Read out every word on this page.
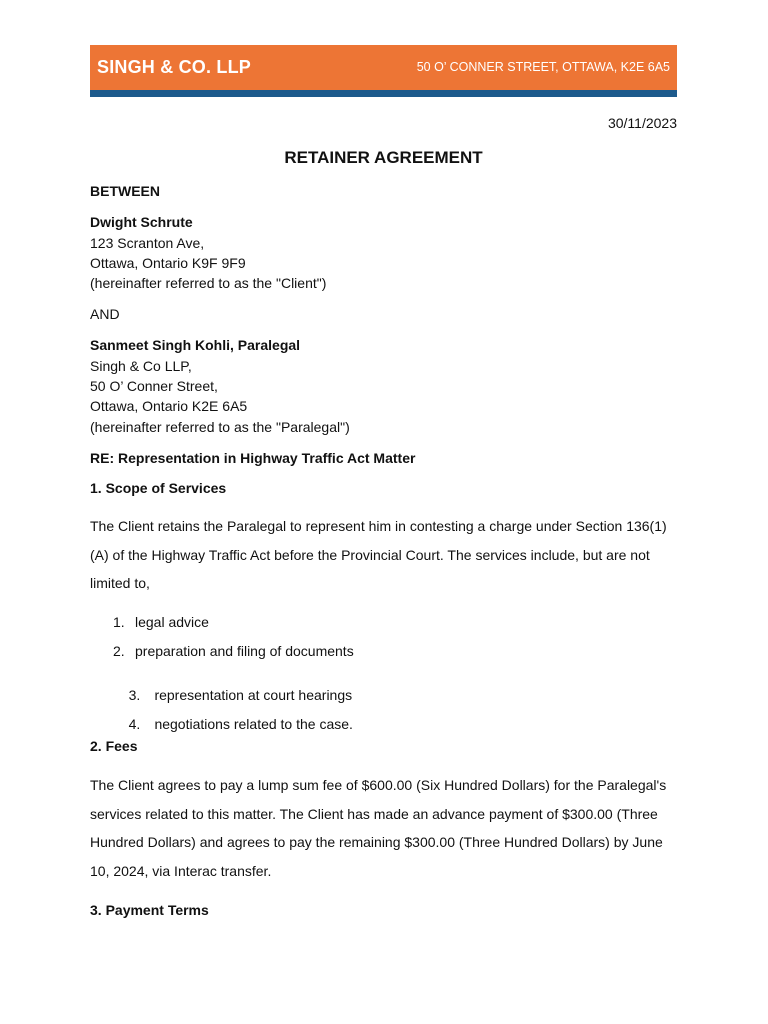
SINGH & CO. LLP	50 O’ CONNER STREET, OTTAWA, K2E 6A5
30/11/2023
RETAINER AGREEMENT
BETWEEN
Dwight Schrute
123 Scranton Ave,
Ottawa, Ontario K9F 9F9
(hereinafter referred to as the "Client")
AND
Sanmeet Singh Kohli, Paralegal
Singh & Co LLP,
50 O’ Conner Street,
Ottawa, Ontario K2E 6A5
(hereinafter referred to as the "Paralegal")
RE: Representation in Highway Traffic Act Matter
1. Scope of Services
The Client retains the Paralegal to represent him in contesting a charge under Section 136(1)(A) of the Highway Traffic Act before the Provincial Court. The services include, but are not limited to,
1. legal advice
2. preparation and filing of documents

3. representation at court hearings

4. negotiations related to the case.

2. Fees
The Client agrees to pay a lump sum fee of $600.00 (Six Hundred Dollars) for the Paralegal's services related to this matter. The Client has made an advance payment of $300.00 (Three Hundred Dollars) and agrees to pay the remaining $300.00 (Three Hundred Dollars) by June 10, 2024, via Interac transfer.
3. Payment Terms
